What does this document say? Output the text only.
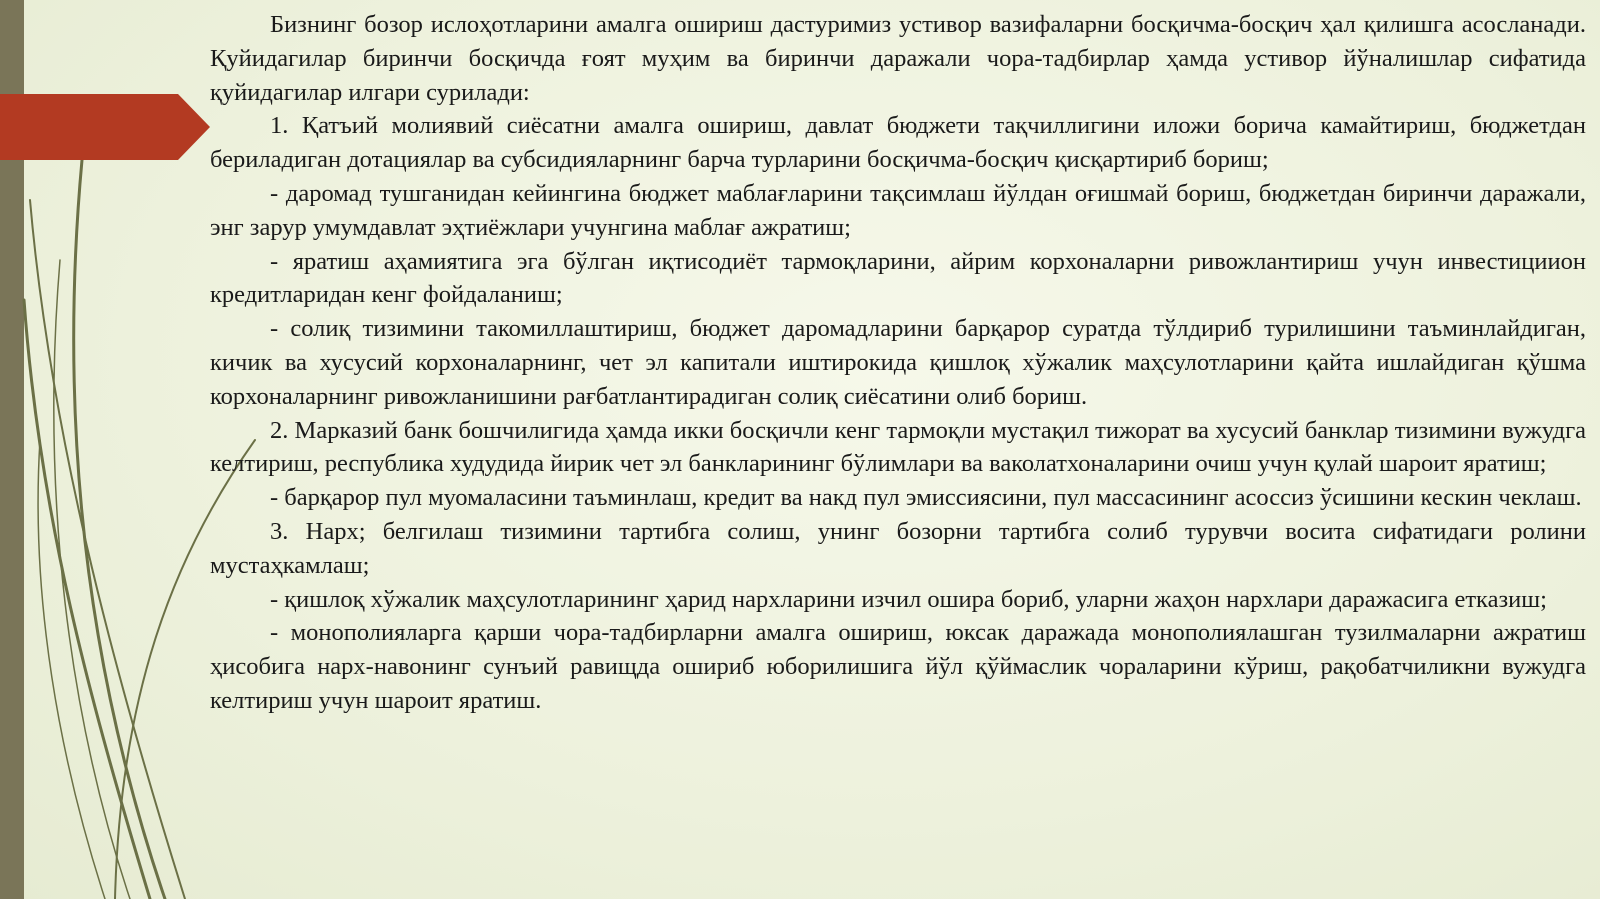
Бизнинг бозор ислоҳотларини амалга ошириш дастуримиз устивор вазифаларни босқичма-босқич ҳал қилишга асосланади. Қуйидагилар биринчи босқичда ғоят муҳим ва биринчи даражали чора-тадбирлар ҳамда устивор йўналишлар сифатида қуйидагилар илгари сурилади:

1. Қатъий молиявий сиёсатни амалга ошириш, давлат бюджети тақчиллигини иложи борича камайтириш, бюджетдан бериладиган дотациялар ва субсидияларнинг барча турларини босқичма-босқич қисқартириб бориш;

- даромад тушганидан кейингина бюджет маблағларини тақсимлаш йўлдан оғишмай бориш, бюджетдан биринчи даражали, энг зарур умумдавлат эҳтиёжлари учунгина маблағ ажратиш;

- яратиш аҳамиятига эга бўлган иқтисодиёт тармоқларини, айрим корхоналарни ривожлантириш учун инвестициион кредитларидан кенг фойдаланиш;

- солиқ тизимини такомиллаштириш, бюджет даромадларини барқарор суратда тўлдириб турилишини таъминлайдиган, кичик ва хусусий корхоналарнинг, чет эл капитали иштирокида қишлоқ хўжалик маҳсулотларини қайта ишлайдиган қўшма корхоналарнинг ривожланишини рағбатлантирадиган солиқ сиёсатини олиб бориш.

2. Марказий банк бошчилигида ҳамда икки босқичли кенг тармоқли мустақил тижорат ва хусусий банклар тизимини вужудга келтириш, республика худудида йирик чет эл банкларининг бўлимлари ва ваколатхоналарини очиш учун қулай шароит яратиш;

- барқарор пул муомаласини таъминлаш, кредит ва накд пул эмиссиясини, пул массасининг асоссиз ўсишини кескин чеклаш.

3. Нарх; белгилаш тизимини тартибга солиш, унинг бозорни тартибга солиб турувчи восита сифатидаги ролини мустаҳкамлаш;

- қишлоқ хўжалик маҳсулотларининг ҳарид нархларини изчил ошира бориб, уларни жаҳон нархлари даражасига етказиш;

- монополияларга қарши чора-тадбирларни амалга ошириш, юксак даражада монополиялашган тузилмаларни ажратиш ҳисобига нарх-навонинг сунъий равищда ошириб юборилишига йўл қўймаслик чораларини кўриш, рақобатчиликни вужудга келтириш учун шароит яратиш.
